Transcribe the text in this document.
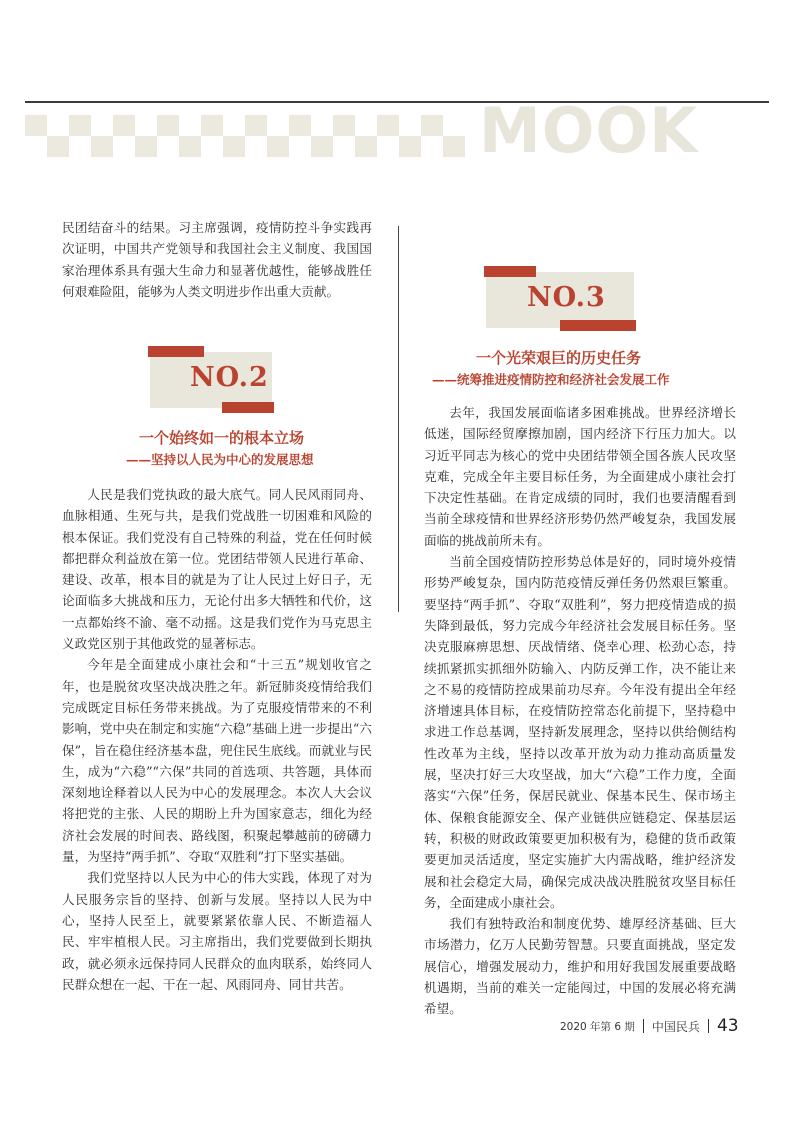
MOOK

民团结奋斗的结果。习主席强调，疫情防控斗争实践再次证明，中国共产党领导和我国社会主义制度、我国国家治理体系具有强大生命力和显著优越性，能够战胜任何艰难险阻，能够为人类文明进步作出重大贡献。

NO.2
一个始终如一的根本立场
——坚持以人民为中心的发展思想

人民是我们党执政的最大底气。同人民风雨同舟、血脉相通、生死与共，是我们党战胜一切困难和风险的根本保证。我们党没有自己特殊的利益，党在任何时候都把群众利益放在第一位。党团结带领人民进行革命、建设、改革，根本目的就是为了让人民过上好日子，无论面临多大挑战和压力，无论付出多大牺牲和代价，这一点都始终不渝、毫不动摇。这是我们党作为马克思主义政党区别于其他政党的显著标志。

今年是全面建成小康社会和“十三五”规划收官之年，也是脱贫攻坚决战决胜之年。新冠肺炎疫情给我们完成既定目标任务带来挑战。为了克服疫情带来的不利影响，党中央在制定和实施“六稳”基础上进一步提出“六保”，旨在稳住经济基本盘，兜住民生底线。而就业与民生，成为“六稳”“六保”共同的首选项、共答题，具体而深刻地诠释着以人民为中心的发展理念。本次人大会议将把党的主张、人民的期盼上升为国家意志，细化为经济社会发展的时间表、路线图，积聚起攀越前的磅礴力量，为坚持“两手抓”、夺取“双胜利”打下坚实基础。

我们党坚持以人民为中心的伟大实践，体现了对为人民服务宗旨的坚持、创新与发展。坚持以人民为中心，坚持人民至上，就要紧紧依靠人民、不断造福人民、牢牢植根人民。习主席指出，我们党要做到长期执政，就必须永远保持同人民群众的血肉联系，始终同人民群众想在一起、干在一起、风雨同舟、同甘共苦。

NO.3
一个光荣艰巨的历史任务
——统筹推进疫情防控和经济社会发展工作

去年，我国发展面临诸多困难挑战。世界经济增长低迷，国际经贸摩擦加剧，国内经济下行压力加大。以习近平同志为核心的党中央团结带领全国各族人民攻坚克难，完成全年主要目标任务，为全面建成小康社会打下决定性基础。在肯定成绩的同时，我们也要清醒看到当前全球疫情和世界经济形势仍然严峻复杂，我国发展面临的挑战前所未有。

当前全国疫情防控形势总体是好的，同时境外疫情形势严峻复杂，国内防范疫情反弹任务仍然艰巨繁重。要坚持“两手抓”、夺取“双胜利”，努力把疫情造成的损失降到最低，努力完成今年经济社会发展目标任务。坚决克服麻痹思想、厌战情绪、侥幸心理、松劲心态，持续抓紧抓实抓细外防输入、内防反弹工作，决不能让来之不易的疫情防控成果前功尽弃。今年没有提出全年经济增速具体目标，在疫情防控常态化前提下，坚持稳中求进工作总基调，坚持新发展理念，坚持以供给侧结构性改革为主线，坚持以改革开放为动力推动高质量发展，坚决打好三大攻坚战，加大“六稳”工作力度，全面落实“六保”任务，保居民就业、保基本民生、保市场主体、保粮食能源安全、保产业链供应链稳定、保基层运转，积极的财政政策要更加积极有为，稳健的货币政策要更加灵活适度，坚定实施扩大内需战略，维护经济发展和社会稳定大局，确保完成决战决胜脱贫攻坚目标任务，全面建成小康社会。

我们有独特政治和制度优势、雄厚经济基础、巨大市场潜力，亿万人民勤劳智慧。只要直面挑战，坚定发展信心，增强发展动力，维护和用好我国发展重要战略机遇期，当前的难关一定能闯过，中国的发展必将充满希望。

2020 年第 6 期 中国民兵 43
